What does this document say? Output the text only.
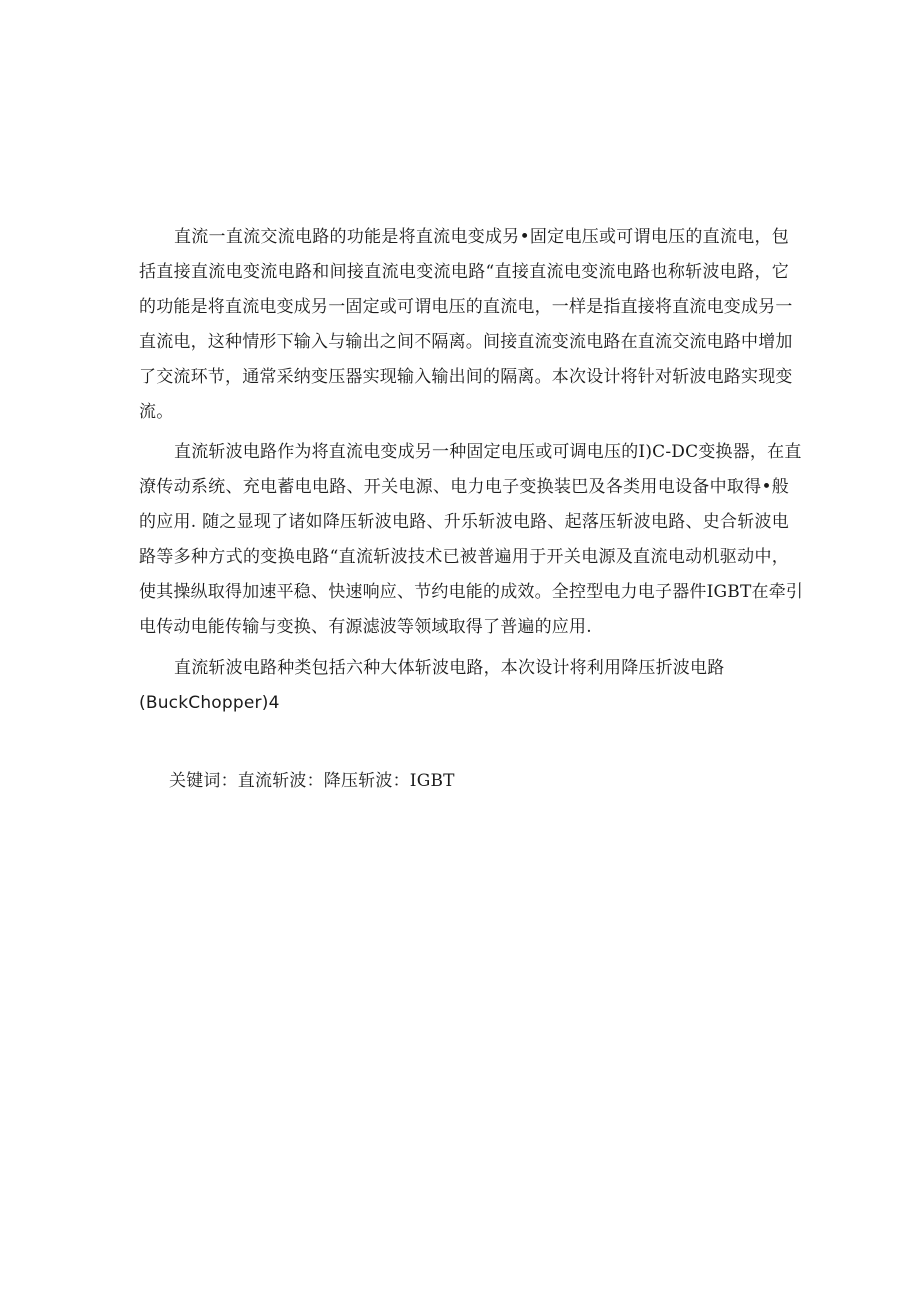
直流一直流交流电路的功能是将直流电变成另•固定电压或可谓电压的直流电，包
括直接直流电变流电路和间接直流电变流电路“直接直流电变流电路也称斩波电路，它
的功能是将直流电变成另一固定或可谓电压的直流电，一样是指直接将直流电变成另一
直流电，这种情形下输入与输出之间不隔离。间接直流变流电路在直流交流电路中增加
了交流环节，通常采纳变压器实现输入输出间的隔离。本次设计将针对斩波电路实现变
流。
直流斩波电路作为将直流电变成另一种固定电压或可调电压的I)C-DC变换器，在直
潦传动系统、充电蓄电电路、开关电源、电力电子变换装巴及各类用电设备中取得•般
的应用. 随之显现了诸如降压斩波电路、升乐斩波电路、起落压斩波电路、史合斩波电
路等多种方式的变换电路“直流斩波技术已被普遍用于开关电源及直流电动机驱动中，
使其操纵取得加速平稳、快速响应、节约电能的成效。全控型电力电子器件IGBT在牵引
电传动电能传输与变换、有源滤波等领域取得了普遍的应用.
直流斩波电路种类包括六种大体斩波电路，本次设计将利用降压折波电路
(BuckChopper)4
关键词：直流斩波：降压斩波：IGBT
